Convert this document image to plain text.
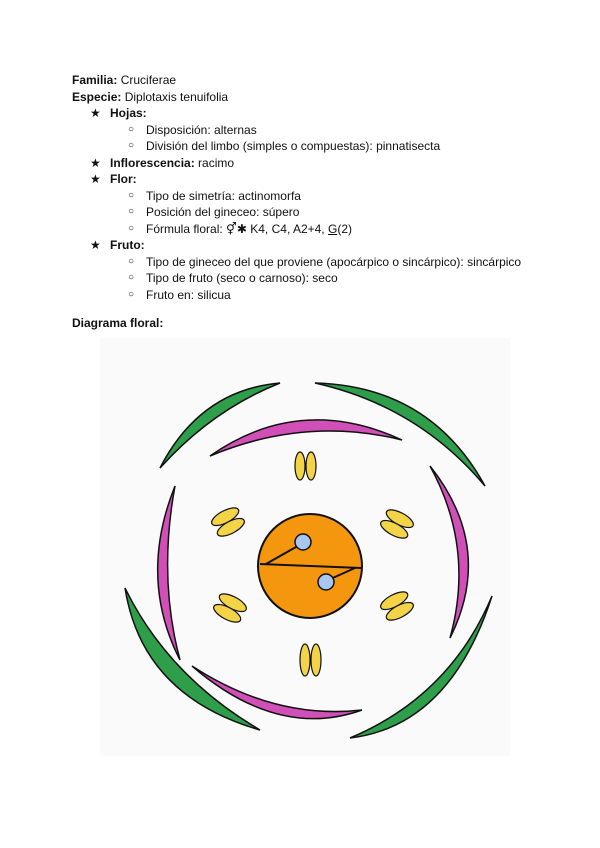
Familia: Cruciferae
Especie: Diplotaxis tenuifolia
★ Hojas:
○ Disposición: alternas
○ División del limbo (simples o compuestas): pinnatisecta
★ Inflorescencia: racimo
★ Flor:
○ Tipo de simetría: actinomorfa
○ Posición del gineceo: súpero
○ Fórmula floral: ⚥✱ K4, C4, A2+4, G(2)
★ Fruto:
○ Tipo de gineceo del que proviene (apocárpico o sincárpico): sincárpico
○ Tipo de fruto (seco o carnoso): seco
○ Fruto en: silicua
Diagrama floral:
